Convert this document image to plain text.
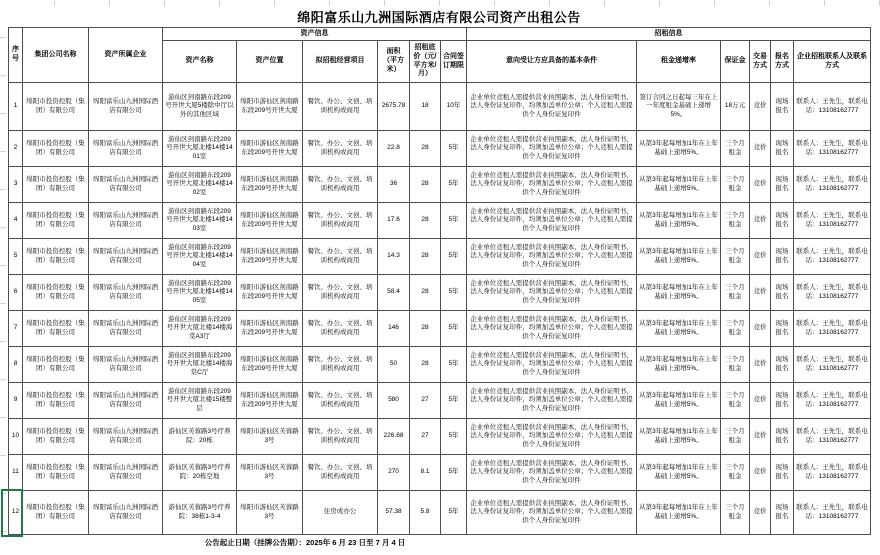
绵阳富乐山九洲国际酒店有限公司资产出租公告
序号	集团公司名称	资产所属企业	资产信息						招租信息					
			资产名称	资产位置	拟招租经营项目	面积（平方米）	招租底价（元/平方米/月）	合同签订期限	意向受让方应具备的基本条件	租金递增率	保证金	交易方式	报名方式	企业招租联系人及联系方式
1	绵阳市投资控股（集团）有限公司	绵阳富乐山九洲国际酒店有限公司	游仙区剑南路东段209号开世大厦5楼除中厅以外的其他区域	绵阳市游仙区剑南路东段209号开世大厦	餐饮、办公、文创、培训机构或商用	2675.78	18	10年	企业单位竞租人需提供营业执照副本、法人身份证明书、法人身份证复印件，均须加盖单位公章；个人竞租人需提供个人身份证复印件	签订合同之日起每三年在上一年度租金基础上递增5%。	18万元	竞价	现场报名	联系人：王先生，联系电话：13108162777
2	绵阳市投资控股（集团）有限公司	绵阳富乐山九洲国际酒店有限公司	游仙区剑南路东段209号开世大厦北楼14楼1401室	绵阳市游仙区剑南路东段209号开世大厦	餐饮、办公、文创、培训机构或商用	22.8	28	5年	企业单位竞租人需提供营业执照副本、法人身份证明书、法人身份证复印件，均须加盖单位公章；个人竞租人需提供个人身份证复印件	从第3年起每增加1年在上年基础上递增5%。	三个月租金	竞价	现场报名	联系人：王先生，联系电话：13108162777
3	绵阳市投资控股（集团）有限公司	绵阳富乐山九洲国际酒店有限公司	游仙区剑南路东段209号开世大厦北楼14楼1402室	绵阳市游仙区剑南路东段209号开世大厦	餐饮、办公、文创、培训机构或商用	36	28	5年	企业单位竞租人需提供营业执照副本、法人身份证明书、法人身份证复印件，均须加盖单位公章；个人竞租人需提供个人身份证复印件	从第3年起每增加1年在上年基础上递增5%。	三个月租金	竞价	现场报名	联系人：王先生，联系电话：13108162777
4	绵阳市投资控股（集团）有限公司	绵阳富乐山九洲国际酒店有限公司	游仙区剑南路东段209号开世大厦北楼14楼1403室	绵阳市游仙区剑南路东段209号开世大厦	餐饮、办公、文创、培训机构或商用	17.6	28	5年	企业单位竞租人需提供营业执照副本、法人身份证明书、法人身份证复印件，均须加盖单位公章；个人竞租人需提供个人身份证复印件	从第3年起每增加1年在上年基础上递增5%。	三个月租金	竞价	现场报名	联系人：王先生，联系电话：13108162777
5	绵阳市投资控股（集团）有限公司	绵阳富乐山九洲国际酒店有限公司	游仙区剑南路东段209号开世大厦北楼14楼1404室	绵阳市游仙区剑南路东段209号开世大厦	餐饮、办公、文创、培训机构或商用	14.3	28	5年	企业单位竞租人需提供营业执照副本、法人身份证明书、法人身份证复印件，均须加盖单位公章；个人竞租人需提供个人身份证复印件	从第3年起每增加1年在上年基础上递增5%。	三个月租金	竞价	现场报名	联系人：王先生，联系电话：13108162777
6	绵阳市投资控股（集团）有限公司	绵阳富乐山九洲国际酒店有限公司	游仙区剑南路东段209号开世大厦北楼14楼1405室	绵阳市游仙区剑南路东段209号开世大厦	餐饮、办公、文创、培训机构或商用	58.4	28	5年	企业单位竞租人需提供营业执照副本、法人身份证明书、法人身份证复印件，均须加盖单位公章；个人竞租人需提供个人身份证复印件	从第3年起每增加1年在上年基础上递增5%。	三个月租金	竞价	现场报名	联系人：王先生，联系电话：13108162777
7	绵阳市投资控股（集团）有限公司	绵阳富乐山九洲国际酒店有限公司	游仙区剑南路东段209号开世大厦北楼14楼海棠A3厅	绵阳市游仙区剑南路东段209号开世大厦	餐饮、办公、文创、培训机构或商用	146	28	5年	企业单位竞租人需提供营业执照副本、法人身份证明书、法人身份证复印件，均须加盖单位公章；个人竞租人需提供个人身份证复印件	从第3年起每增加1年在上年基础上递增5%。	三个月租金	竞价	现场报名	联系人：王先生，联系电话：13108162777
8	绵阳市投资控股（集团）有限公司	绵阳富乐山九洲国际酒店有限公司	游仙区剑南路东段209号开世大厦北楼14楼海棠C厅	绵阳市游仙区剑南路东段209号开世大厦	餐饮、办公、文创、培训机构或商用	50	28	5年	企业单位竞租人需提供营业执照副本、法人身份证明书、法人身份证复印件，均须加盖单位公章；个人竞租人需提供个人身份证复印件	从第3年起每增加1年在上年基础上递增5%。	三个月租金	竞价	现场报名	联系人：王先生，联系电话：13108162777
9	绵阳市投资控股（集团）有限公司	绵阳富乐山九洲国际酒店有限公司	游仙区剑南路东段209号开世大厦北楼15楼整层	绵阳市游仙区剑南路东段209号开世大厦	餐饮、办公、文创、培训机构或商用	580	27	5年	企业单位竞租人需提供营业执照副本、法人身份证明书、法人身份证复印件，均须加盖单位公章；个人竞租人需提供个人身份证复印件	从第3年起每增加1年在上年基础上递增5%。	三个月租金	竞价	现场报名	联系人：王先生，联系电话：13108162777
10	绵阳市投资控股（集团）有限公司	绵阳富乐山九洲国际酒店有限公司	游仙区芙蓉路3号疗养院：20栋	绵阳市游仙区芙蓉路3号	餐饮、办公、文创、培训机构或商用	226.88	27	5年	企业单位竞租人需提供营业执照副本、法人身份证明书、法人身份证复印件，均须加盖单位公章；个人竞租人需提供个人身份证复印件	从第3年起每增加1年在上年基础上递增5%。	三个月租金	竞价	现场报名	联系人：王先生，联系电话：13108162777
11	绵阳市投资控股（集团）有限公司	绵阳富乐山九洲国际酒店有限公司	游仙区芙蓉路3号疗养院：20栋空地	绵阳市游仙区芙蓉路3号	餐饮、办公、文创、培训机构或商用	270	8.1	5年	企业单位竞租人需提供营业执照副本、法人身份证明书、法人身份证复印件，均须加盖单位公章；个人竞租人需提供个人身份证复印件	从第3年起每增加1年在上年基础上递增5%。	三个月租金	竞价	现场报名	联系人：王先生，联系电话：13108162777
12	绵阳市投资控股（集团）有限公司	绵阳富乐山九洲国际酒店有限公司	游仙区芙蓉路3号疗养院：38栋1-3-4	绵阳市游仙区芙蓉路3号	住房或办公	57.38	5.8	5年	企业单位竞租人需提供营业执照副本、法人身份证明书、法人身份证复印件，均须加盖单位公章；个人竞租人需提供个人身份证复印件	从第3年起每增加1年在上年基础上递增5%。	三个月租金	竞价	现场报名	联系人：王先生，联系电话：13108162777
公告起止日期（挂牌公告期）：2025年 6 月 23 日至 7 月 4 日
